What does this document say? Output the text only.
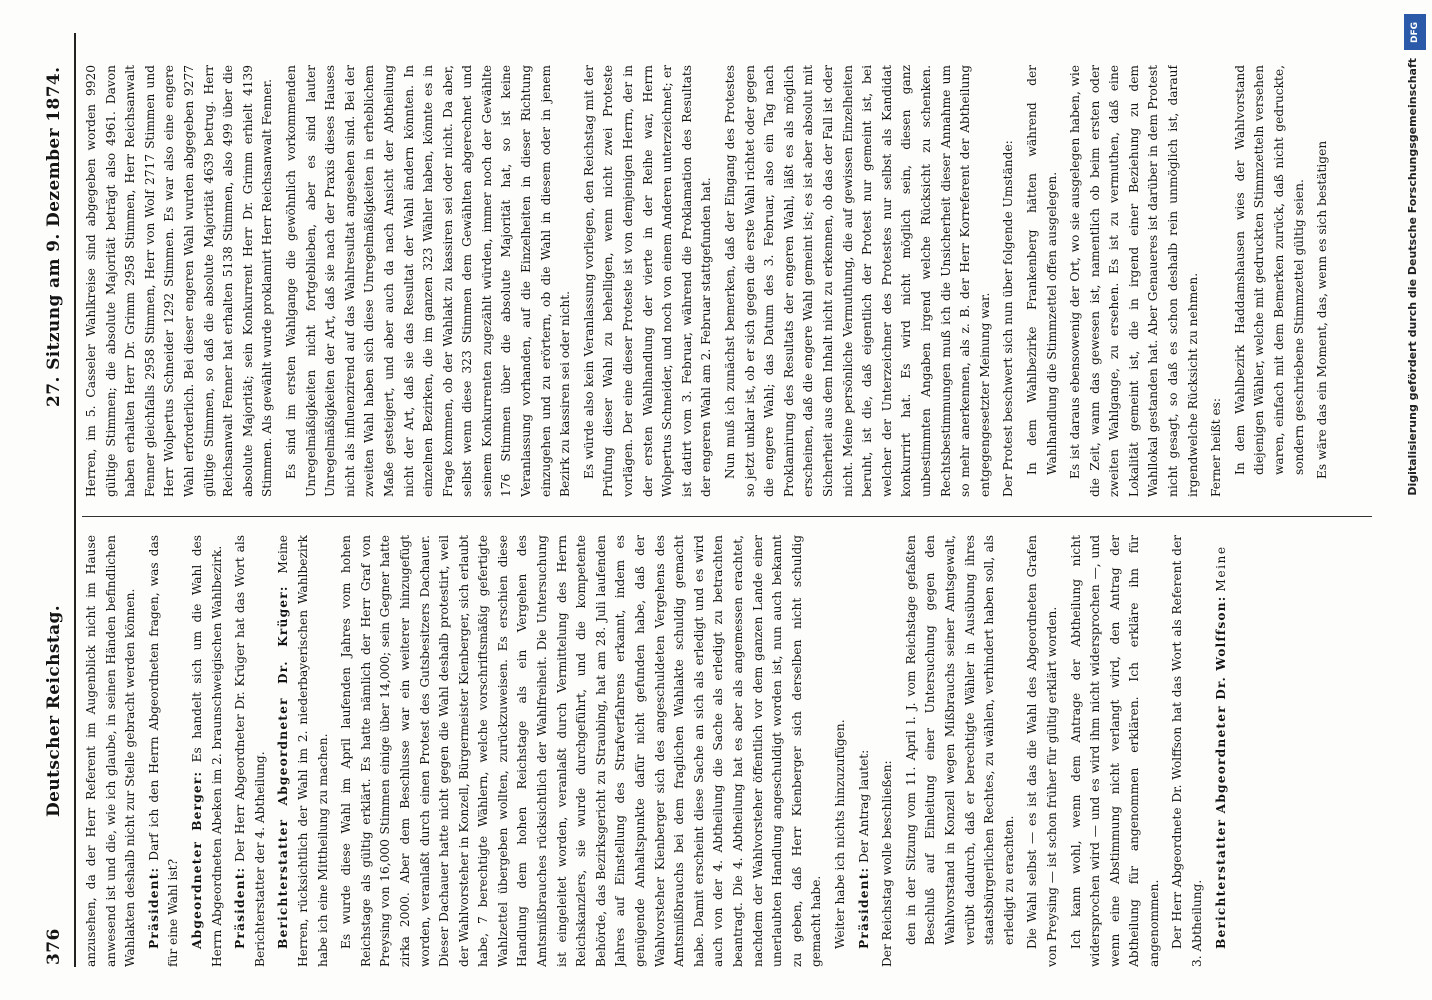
376
Deutscher Reichstag.
27. Sitzung am 9. Dezember 1874.

anzusehen, da der Herr Referent im Augenblick nicht im Hause anwesend ist und die, wie ich glaube, in seinen Händen befindlichen Wahlakten deshalb nicht zur Stelle gebracht werden können. Präsident: Darf ich den Herrn Abgeordneten fragen, was das für eine Wahl ist? Abgeordneter Berger: Es handelt sich um die Wahl des Herrn Abgeordneten Abeken im 2. braunschweigischen Wahlbezirk. Präsident: Der Herr Abgeordneter Dr. Krüger hat das Wort als Berichterstatter der 4. Abtheilung. Berichterstatter Abgeordneter Dr. Krüger: Meine Herren, rücksichtlich der Wahl im 2. niederbayerischen Wahlbezirk habe ich eine Mittheilung zu machen. Es wurde diese Wahl im April laufenden Jahres vom hohen Reichstage als gültig erklärt. Es hatte nämlich der Herr Graf von Preysing von 16,000 Stimmen einige über 14,000; sein Gegner hatte zirka 2000. Aber dem Beschlusse war ein weiterer hinzugefügt worden, veranlaßt durch einen Protest des Gutsbesitzers Dachauer. Dieser Dachauer hatte nicht gegen die Wahl deshalb protestirt, weil der Wahlvorsteher in Konzell, Bürgermeister Kienberger, sich erlaubt habe, 7 berechtigte Wählern, welche vorschriftsmäßig gefertigte Wahlzettel übergeben wollten, zurückzuweisen. Es erschien diese Handlung dem hohen Reichstage als ein Vergehen des Amtsmißbrauches rücksichtlich der Wahlfreiheit. Die Untersuchung ist eingeleitet worden, veranlaßt durch Vermittelung des Herrn Reichskanzlers, sie wurde durchgeführt, und die kompetente Behörde, das Bezirksgericht zu Straubing, hat am 28. Juli laufenden Jahres auf Einstellung des Strafverfahrens erkannt, indem es genügende Anhaltspunkte dafür nicht gefunden habe, daß der Wahlvorsteher Kienberger sich des angeschuldeten Vergehens des Amtsmißbrauchs bei dem fraglichen Wahlakte schuldig gemacht habe. Damit erscheint diese Sache an sich als erledigt und es wird auch von der 4. Abtheilung die Sache als erledigt zu betrachten beantragt. Die 4. Abtheilung hat es aber als angemessen erachtet, nachdem der Wahlvorsteher öffentlich vor dem ganzen Lande einer unerlaubten Handlung angeschuldigt worden ist, nun auch bekannt zu geben, daß Herr Kienberger sich derselben nicht schuldig gemacht habe. Weiter habe ich nichts hinzuzufügen. Präsident: Der Antrag lautet: Der Reichstag wolle beschließen: den in der Sitzung vom 11. April l. J. vom Reichstage gefaßten Beschluß auf Einleitung einer Untersuchung gegen den Wahlvorstand in Konzell wegen Mißbrauchs seiner Amtsgewalt, verübt dadurch, daß er berechtigte Wähler in Ausübung ihres staatsbürgerlichen Rechtes, zu wählen, verhindert haben soll, als erledigt zu erachten. Die Wahl selbst — es ist das die Wahl des Abgeordneten Grafen von Preysing — ist schon früher für gültig erklärt worden. Ich kann wohl, wenn dem Antrage der Abtheilung nicht widersprochen wird — und es wird ihm nicht widersprochen —, und wenn eine Abstimmung nicht verlangt wird, den Antrag der Abtheilung für angenommen erklären. Ich erkläre ihn für angenommen. Der Herr Abgeordnete Dr. Wolffson hat das Wort als Referent der 3. Abtheilung. Berichterstatter Abgeordneter Dr. Wolffson: Meine

Herren, im 5. Casseler Wahlkreise sind abgegeben worden 9920 gültige Stimmen; die absolute Majorität beträgt also 4961. Davon haben erhalten Herr Dr. Grimm 2958 Stimmen, Herr Reichsanwalt Fenner gleichfalls 2958 Stimmen, Herr von Wolf 2717 Stimmen und Herr Wolpertus Schneider 1292 Stimmen. Es war also eine engere Wahl erforderlich. Bei dieser engeren Wahl wurden abgegeben 9277 gültige Stimmen, so daß die absolute Majorität 4639 betrug. Herr Reichsanwalt Fenner hat erhalten 5138 Stimmen, also 499 über die absolute Majorität; sein Konkurrent Herr Dr. Grimm erhielt 4139 Stimmen. Als gewählt wurde proklamirt Herr Reichsanwalt Fenner. Es sind im ersten Wahlgange die gewöhnlich vorkommenden Unregelmäßigkeiten nicht fortgeblieben, aber es sind lauter Unregelmäßigkeiten der Art, daß sie nach der Praxis dieses Hauses nicht als influenzirend auf das Wahlresultat angesehen sind. Bei der zweiten Wahl haben sich diese Unregelmäßigkeiten in erheblichem Maße gesteigert, und aber auch da nach Ansicht der Abtheilung nicht der Art, daß sie das Resultat der Wahl ändern könnten. In einzelnen Bezirken, die im ganzen 323 Wähler haben, könnte es in Frage kommen, ob der Wahlakt zu kassiren sei oder nicht. Da aber, selbst wenn diese 323 Stimmen dem Gewählten abgerechnet und seinem Konkurrenten zugezählt würden, immer noch der Gewählte 176 Stimmen über die absolute Majorität hat, so ist keine Veranlassung vorhanden, auf die Einzelheiten in dieser Richtung einzugehen und zu erörtern, ob die Wahl in diesem oder in jenem Bezirk zu kassiren sei oder nicht. Es würde also kein Veranlassung vorliegen, den Reichstag mit der Prüfung dieser Wahl zu behelligen, wenn nicht zwei Proteste vorlägen. Der eine dieser Proteste ist von demjenigen Herrn, der in der ersten Wahlhandlung der vierte in der Reihe war, Herrn Wolpertus Schneider, und noch von einem Anderen unterzeichnet; er ist datirt vom 3. Februar, während die Proklamation des Resultats der engeren Wahl am 2. Februar stattgefunden hat. Nun muß ich zunächst bemerken, daß der Eingang des Protestes so jetzt unklar ist, ob er sich gegen die erste Wahl richtet oder gegen die engere Wahl; das Datum des 3. Februar, also ein Tag nach Proklamirung des Resultats der engeren Wahl, läßt es als möglich erscheinen, daß die engere Wahl gemeint ist; es ist aber absolut mit Sicherheit aus dem Inhalt nicht zu erkennen, ob das der Fall ist oder nicht. Meine persönliche Vermuthung, die auf gewissen Einzelheiten beruht, ist die, daß eigentlich der Protest nur gemeint ist, bei welcher der Unterzeichner des Protestes nur selbst als Kandidat konkurrirt hat. Es wird nicht möglich sein, diesen ganz unbestimmten Angaben irgend welche Rücksicht zu schenken. Rechtsbestimmungen muß ich die Unsicherheit dieser Annahme um so mehr anerkennen, als z. B. der Herr Korreferent der Abtheilung entgegengesetzter Meinung war. Der Protest beschwert sich nun über folgende Umstände: In dem Wahlbezirke Frankenberg hätten während der Wahlhandlung die Stimmzettel offen ausgelegen. Es ist daraus ebensowenig der Ort, wo sie ausgelegen haben, wie die Zeit, wann das gewesen ist, namentlich ob beim ersten oder zweiten Wahlgange, zu ersehen. Es ist zu vermuthen, daß eine Lokalität gemeint ist, die in irgend einer Beziehung zu dem Wahllokal gestanden hat. Aber Genaueres ist darüber in dem Protest nicht gesagt, so daß es schon deshalb rein unmöglich ist, darauf irgendwelche Rücksicht zu nehmen. Ferner heißt es: In dem Wahlbezirk Haddamshausen wies der Wahlvorstand diejenigen Wähler, welche mit gedruckten Stimmzetteln versehen waren, einfach mit dem Bemerken zurück, daß nicht gedruckte, sondern geschriebene Stimmzettel gültig seien. Es wäre das ein Moment, das, wenn es sich bestätigen

DFG
Digitalisierung gefördert durch die Deutsche Forschungsgemeinschaft
